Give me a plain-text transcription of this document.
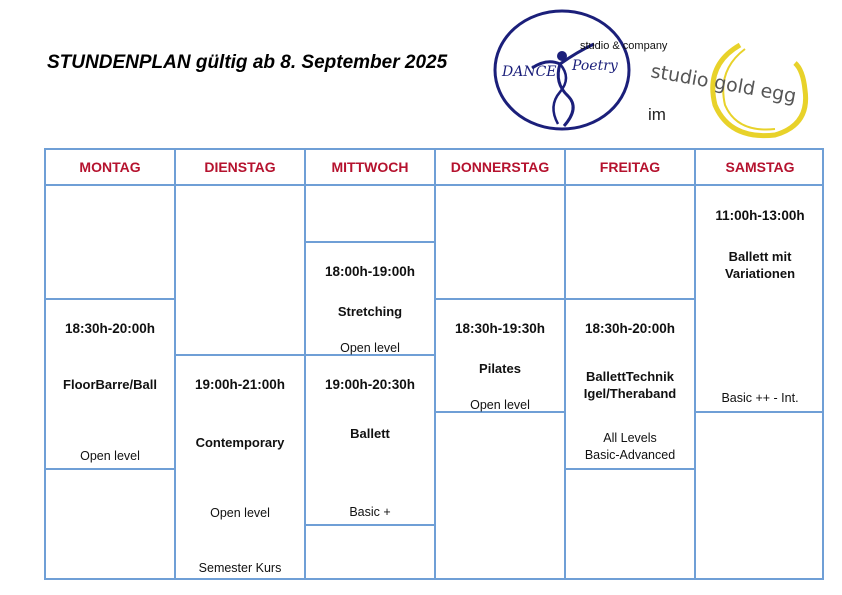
STUNDENPLAN gültig ab 8. September 2025	DANCE Poetry
studio & company
studio gold egg
im
MONTAG
18:30h-20:00h
FloorBarre/Ball
Open level
DIENSTAG
19:00h-21:00h
Contemporary
Open level
Semester Kurs
MITTWOCH
18:00h-19:00h
Stretching
Open level
19:00h-20:30h
Ballett
Basic +
DONNERSTAG
18:30h-19:30h
Pilates
Open level
FREITAG
18:30h-20:00h
BallettTechnik
Igel/Theraband
All Levels
Basic-Advanced
SAMSTAG
11:00h-13:00h
Ballett mit
Variationen
Basic ++ - Int.
